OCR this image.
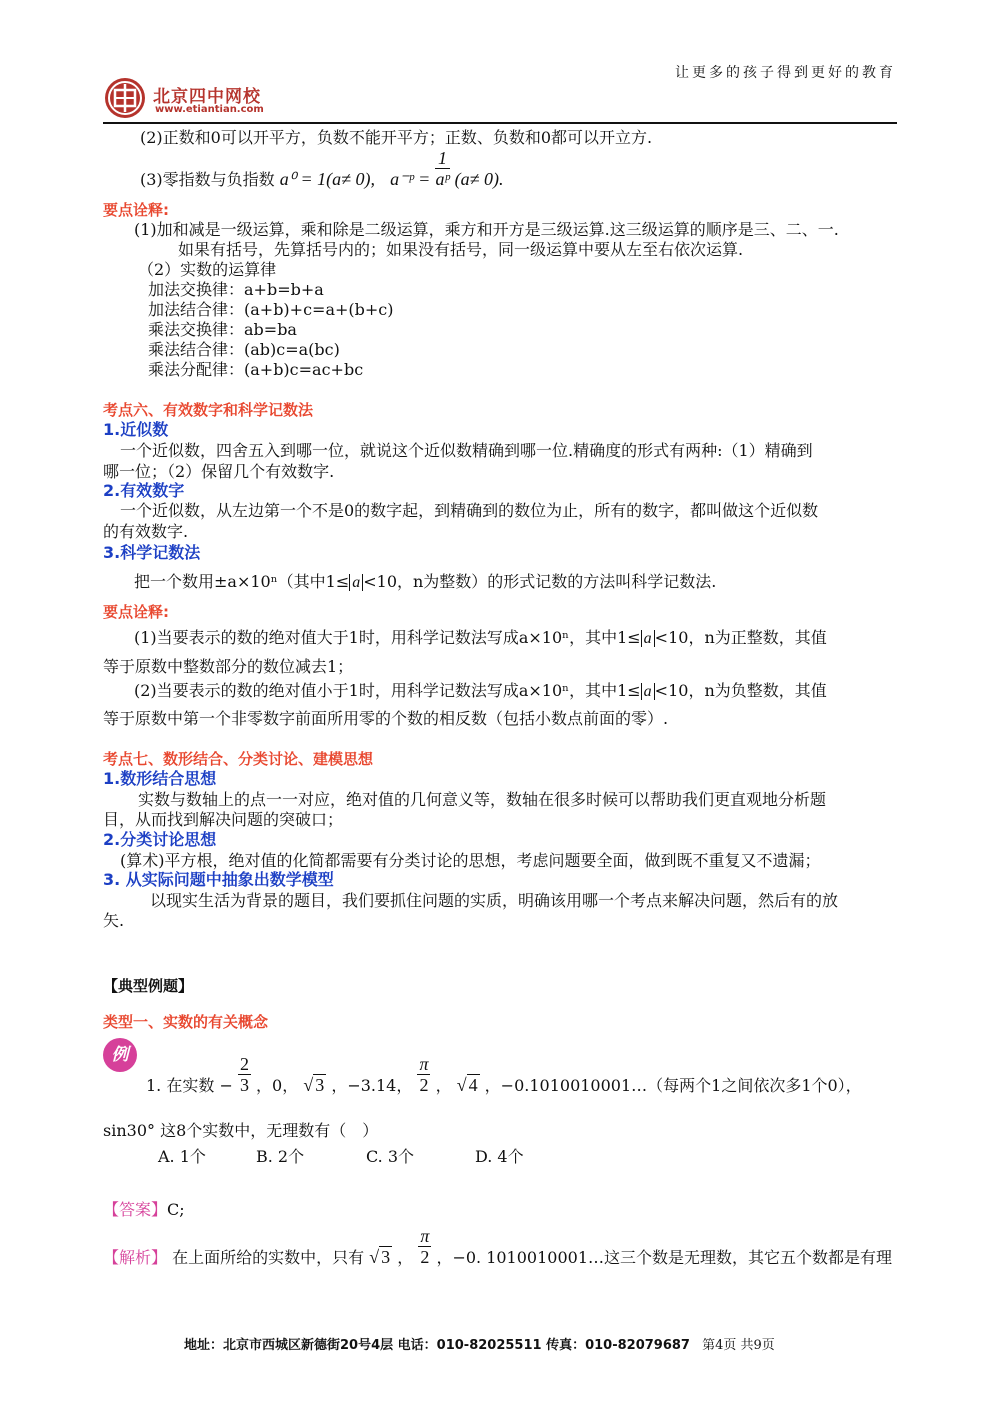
让更多的孩子得到更好的教育
北京四中网校
www.etiantian.com
(2)正数和0可以开平方，负数不能开平方；正数、负数和0都可以开立方.
(3)零指数与负指数 a⁰ = 1(a≠ 0), a⁻ᵖ = $\frac{1}{\text{aᵖ}} (a\ne 0)$.
要点诠释:
(1)加和减是一级运算，乘和除是二级运算，乘方和开方是三级运算.这三级运算的顺序是三、二、一.
如果有括号，先算括号内的；如果没有括号，同一级运算中要从左至右依次运算.
（2）实数的运算律
加法交换律：a+b=b+a
加法结合律：(a+b)+c=a+(b+c)
乘法交换律：ab=ba
乘法结合律：(ab)c=a(bc)
乘法分配律：(a+b)c=ac+bc
考点六、有效数字和科学记数法
1.近似数
一个近似数，四舍五入到哪一位，就说这个近似数精确到哪一位.精确度的形式有两种:（1）精确到
哪一位；（2）保留几个有效数字.
2.有效数字
一个近似数，从左边第一个不是0的数字起，到精确到的数位为止，所有的数字，都叫做这个近似数
的有效数字.
3.科学记数法
把一个数用±a×10ⁿ（其中1≤ a <10，n为整数）的形式记数的方法叫科学记数法.
要点诠释:
(1)当要表示的数的绝对值大于1时，用科学记数法写成a×10ⁿ，其中1≤ a <10，n为正整数，其值
等于原数中整数部分的数位减去1；
(2)当要表示的数的绝对值小于1时，用科学记数法写成a×10ⁿ，其中1≤ a <10，n为负整数，其值
等于原数中第一个非零数字前面所用零的个数的相反数（包括小数点前面的零）.
考点七、数形结合、分类讨论、建模思想
1.数形结合思想
实数与数轴上的点一一对应，绝对值的几何意义等，数轴在很多时候可以帮助我们更直观地分析题
目，从而找到解决问题的突破口；
2.分类讨论思想
(算术)平方根，绝对值的化简都需要有分类讨论的思想，考虑问题要全面，做到既不重复又不遗漏；
3. 从实际问题中抽象出数学模型
以现实生活为背景的题目，我们要抓住问题的实质，明确该用哪一个考点来解决问题，然后有的放
矢.
【典型例题】
类型一、实数的有关概念
例
1. 在实数 − $\frac{2}{3}$ ，0， √ 3 ，−3.14， $\frac{\pi}{2}$ ， √ 4 ，−0.1010010001…（每两个1之间依次多1个0），
sin30° 这8个实数中，无理数有（　）
A. 1个	B. 2个	C. 3个	D. 4个
【答案】C;
【解析】 在上面所给的实数中，只有 √ 3 ， $\frac{\pi}{2}$ ，−0. 1010010001…这三个数是无理数，其它五个数都是有理
地址：北京市西城区新德街20号4层 电话：010-82025511 传真：010-82079687 第4页 共9页
